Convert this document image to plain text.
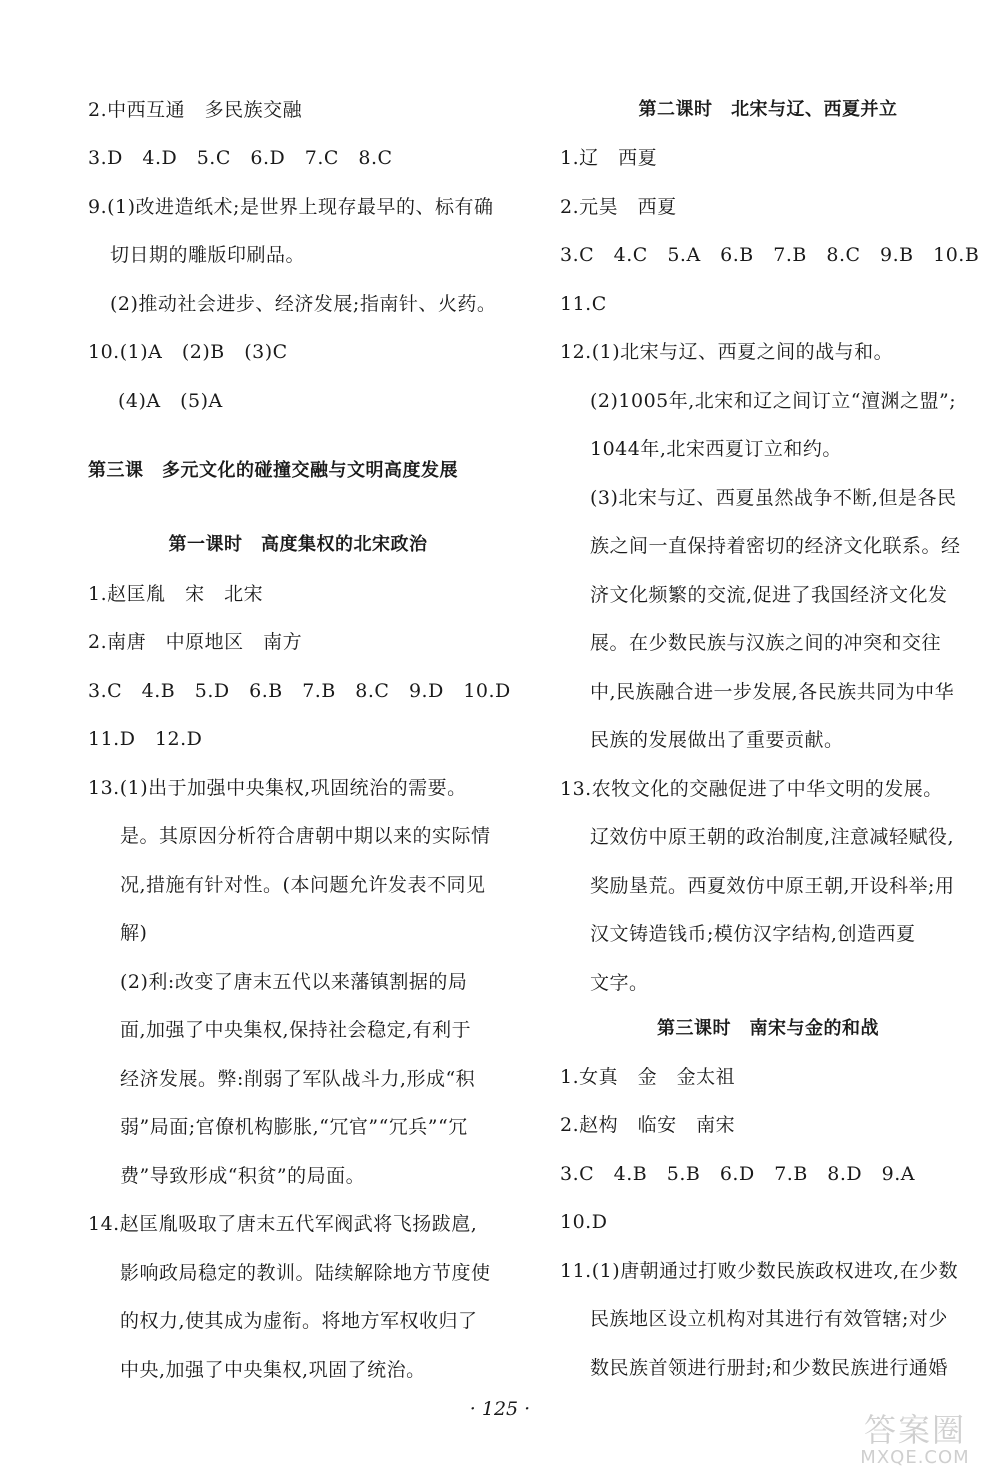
2.中西互通　多民族交融
3.D　4.D　5.C　6.D　7.C　8.C
9.(1)改进造纸术;是世界上现存最早的、标有确
切日期的雕版印刷品。
(2)推动社会进步、经济发展;指南针、火药。
10.(1)A　(2)B　(3)C
(4)A　(5)A
第三课　多元文化的碰撞交融与文明高度发展
第一课时　高度集权的北宋政治
1.赵匡胤　宋　北宋
2.南唐　中原地区　南方
3.C　4.B　5.D　6.B　7.B　8.C　9.D　10.D
11.D　12.D
13.(1)出于加强中央集权,巩固统治的需要。
是。其原因分析符合唐朝中期以来的实际情
况,措施有针对性。(本问题允许发表不同见
解)
(2)利:改变了唐末五代以来藩镇割据的局
面,加强了中央集权,保持社会稳定,有利于
经济发展。弊:削弱了军队战斗力,形成“积
弱”局面;官僚机构膨胀,“冗官”“冗兵”“冗
费”导致形成“积贫”的局面。
14.赵匡胤吸取了唐末五代军阀武将飞扬跋扈,
影响政局稳定的教训。陆续解除地方节度使
的权力,使其成为虚衔。将地方军权收归了
中央,加强了中央集权,巩固了统治。
第二课时　北宋与辽、西夏并立
1.辽　西夏
2.元昊　西夏
3.C　4.C　5.A　6.B　7.B　8.C　9.B　10.B
11.C
12.(1)北宋与辽、西夏之间的战与和。
(2)1005年,北宋和辽之间订立“澶渊之盟”;
1044年,北宋西夏订立和约。
(3)北宋与辽、西夏虽然战争不断,但是各民
族之间一直保持着密切的经济文化联系。经
济文化频繁的交流,促进了我国经济文化发
展。在少数民族与汉族之间的冲突和交往
中,民族融合进一步发展,各民族共同为中华
民族的发展做出了重要贡献。
13.农牧文化的交融促进了中华文明的发展。
辽效仿中原王朝的政治制度,注意减轻赋役,
奖励垦荒。西夏效仿中原王朝,开设科举;用
汉文铸造钱币;模仿汉字结构,创造西夏
文字。
第三课时　南宋与金的和战
1.女真　金　金太祖
2.赵构　临安　南宋
3.C　4.B　5.B　6.D　7.B　8.D　9.A
10.D
11.(1)唐朝通过打败少数民族政权进攻,在少数
民族地区设立机构对其进行有效管辖;对少
数民族首领进行册封;和少数民族进行通婚
· 125 ·
答案圈
MXQE.COM
